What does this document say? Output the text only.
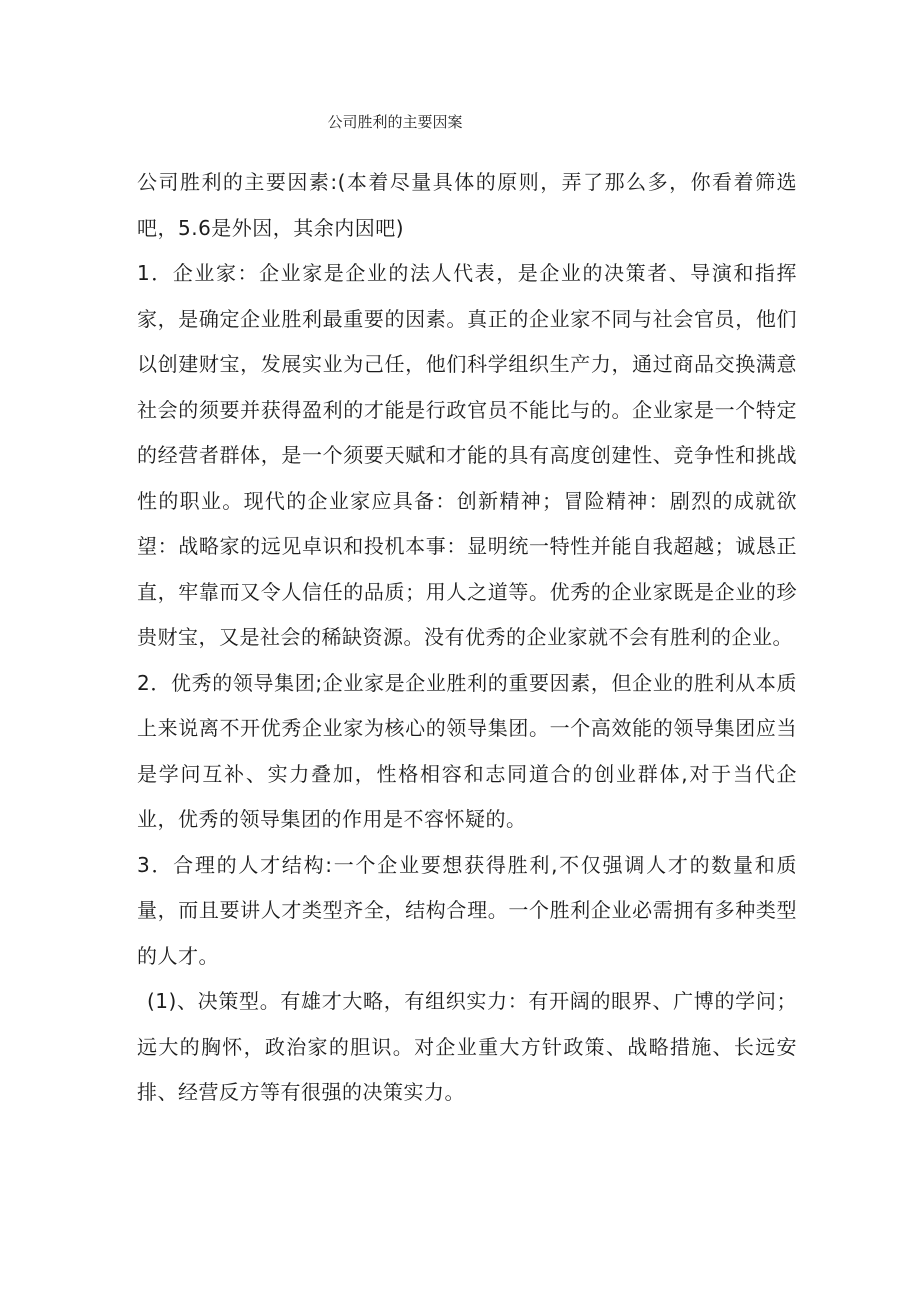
公司胜利的主要因案

公司胜利的主要因素:(本着尽量具体的原则，弄了那么多，你看着筛选吧，5.6是外因，其余内因吧)

1．企业家：企业家是企业的法人代表，是企业的决策者、导演和指挥家，是确定企业胜利最重要的因素。真正的企业家不同与社会官员，他们以创建财宝，发展实业为己任，他们科学组织生产力，通过商品交换满意社会的须要并获得盈利的才能是行政官员不能比与的。企业家是一个特定的经营者群体，是一个须要天赋和才能的具有高度创建性、竞争性和挑战性的职业。现代的企业家应具备：创新精神；冒险精神：剧烈的成就欲望：战略家的远见卓识和投机本事：显明统一特性并能自我超越；诚恳正直，牢靠而又令人信任的品质；用人之道等。优秀的企业家既是企业的珍贵财宝，又是社会的稀缺资源。没有优秀的企业家就不会有胜利的企业。

2．优秀的领导集团;企业家是企业胜利的重要因素，但企业的胜利从本质上来说离不开优秀企业家为核心的领导集团。一个高效能的领导集团应当是学问互补、实力叠加，性格相容和志同道合的创业群体,对于当代企业，优秀的领导集团的作用是不容怀疑的。

3．合理的人才结构:一个企业要想获得胜利,不仅强调人才的数量和质量，而且要讲人才类型齐全，结构合理。一个胜利企业必需拥有多种类型的人才。

(1)、决策型。有雄才大略，有组织实力：有开阔的眼界、广博的学问；远大的胸怀，政治家的胆识。对企业重大方针政策、战略措施、长远安排、经营反方等有很强的决策实力。
